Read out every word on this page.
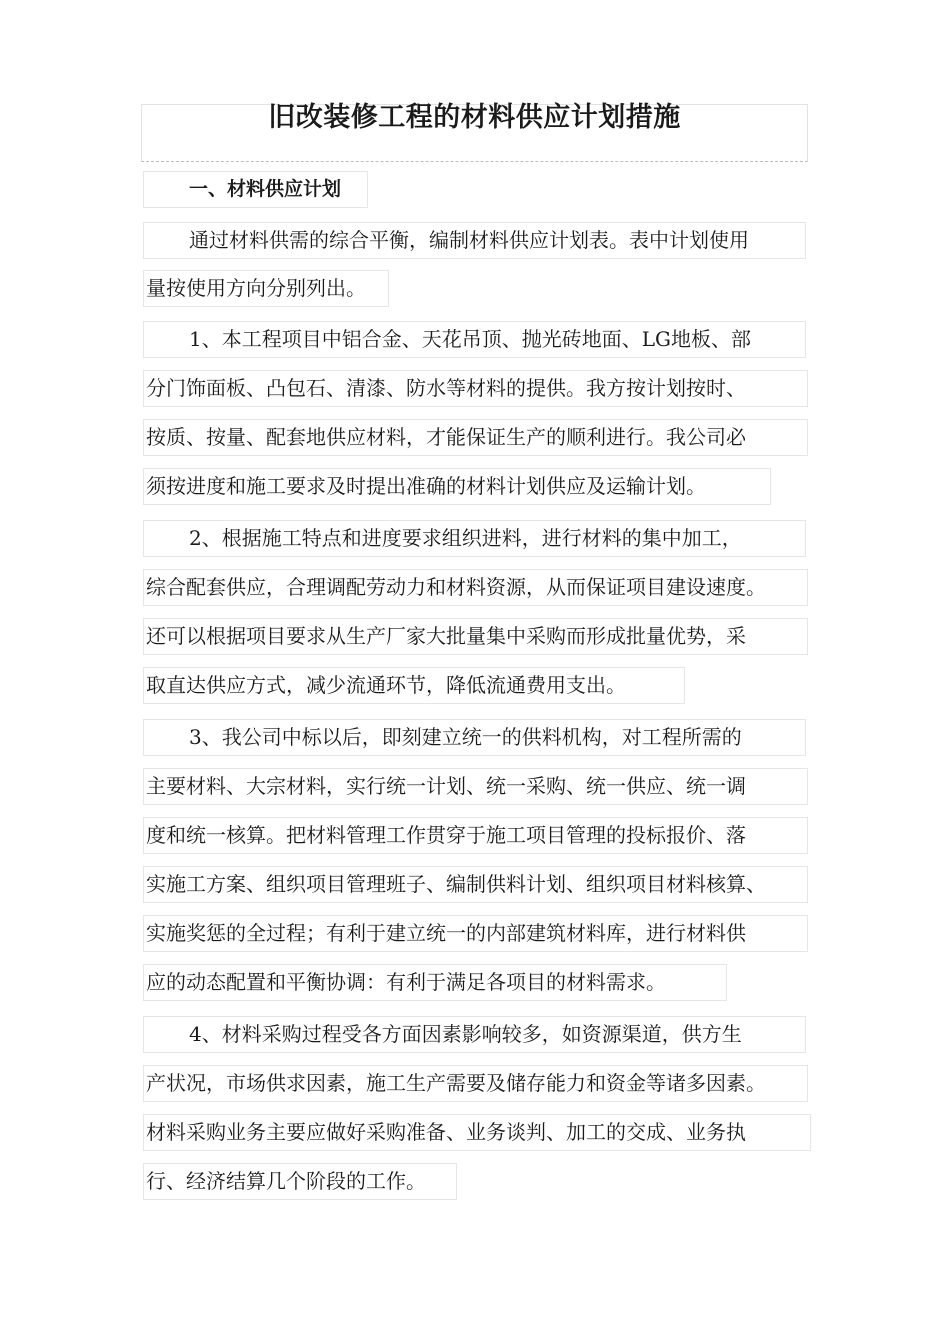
旧改装修工程的材料供应计划措施
一、材料供应计划
通过材料供需的综合平衡，编制材料供应计划表。表中计划使用
量按使用方向分别列出。
1、本工程项目中铝合金、天花吊顶、抛光砖地面、LG地板、部
分门饰面板、凸包石、清漆、防水等材料的提供。我方按计划按时、
按质、按量、配套地供应材料，才能保证生产的顺利进行。我公司必
须按进度和施工要求及时提出准确的材料计划供应及运输计划。
2、根据施工特点和进度要求组织进料，进行材料的集中加工，
综合配套供应，合理调配劳动力和材料资源，从而保证项目建设速度。
还可以根据项目要求从生产厂家大批量集中采购而形成批量优势，采
取直达供应方式，减少流通环节，降低流通费用支出。
3、我公司中标以后，即刻建立统一的供料机构，对工程所需的
主要材料、大宗材料，实行统一计划、统一采购、统一供应、统一调
度和统一核算。把材料管理工作贯穿于施工项目管理的投标报价、落
实施工方案、组织项目管理班子、编制供料计划、组织项目材料核算、
实施奖惩的全过程；有利于建立统一的内部建筑材料库，进行材料供
应的动态配置和平衡协调：有利于满足各项目的材料需求。
4、材料采购过程受各方面因素影响较多，如资源渠道，供方生
产状况，市场供求因素，施工生产需要及储存能力和资金等诸多因素。
材料采购业务主要应做好采购准备、业务谈判、加工的交成、业务执
行、经济结算几个阶段的工作。
